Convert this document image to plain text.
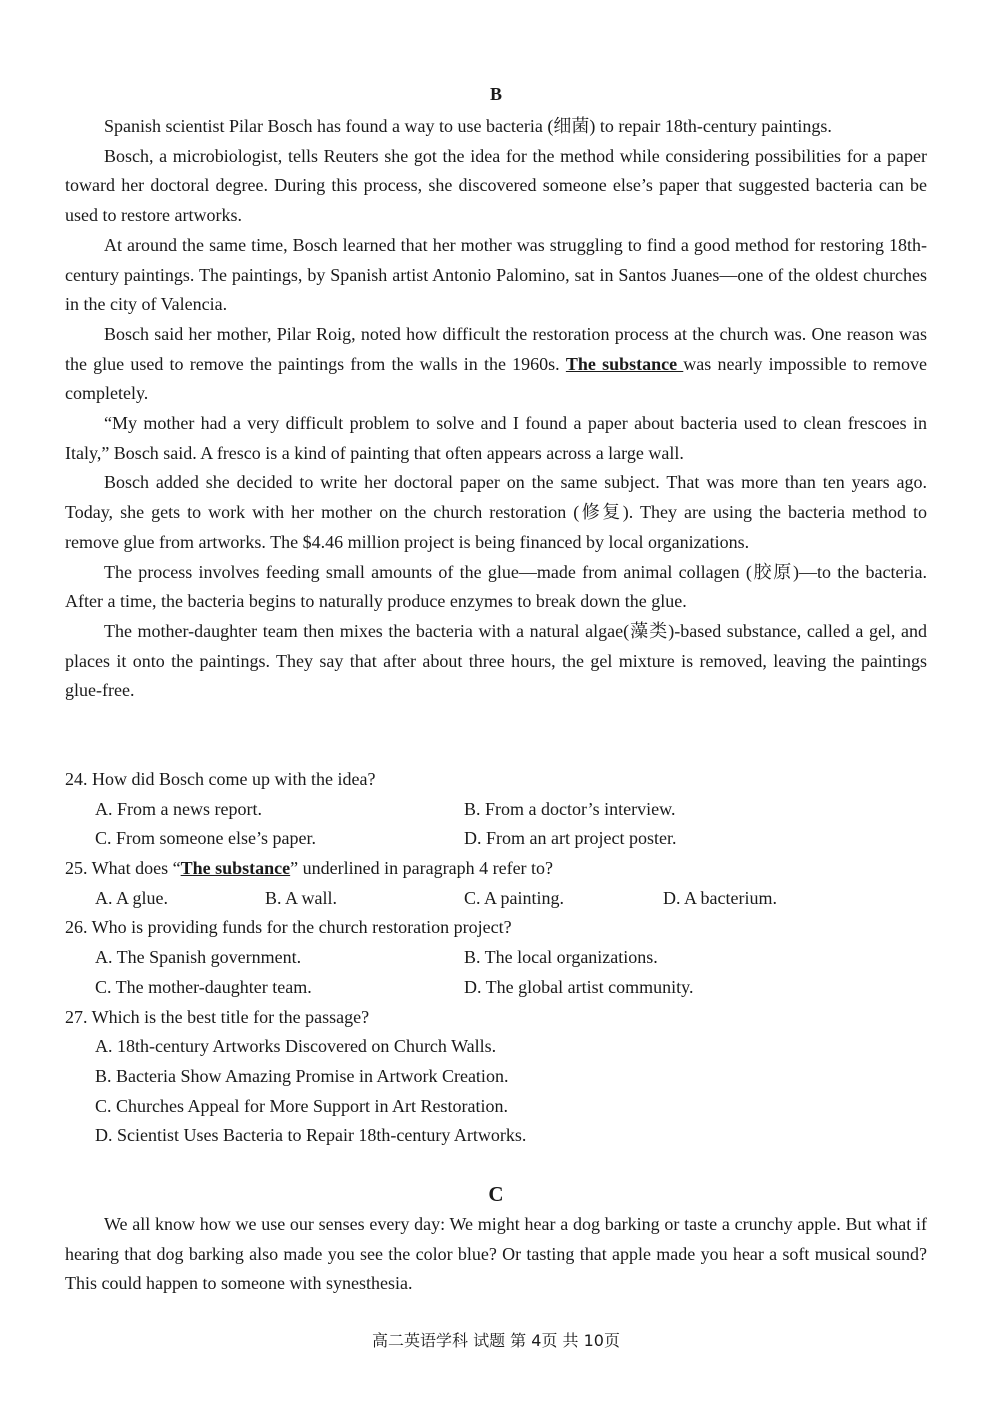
B

Spanish scientist Pilar Bosch has found a way to use bacteria (细菌) to repair 18th-century paintings.

Bosch, a microbiologist, tells Reuters she got the idea for the method while considering possibilities for a paper toward her doctoral degree. During this process, she discovered someone else’s paper that suggested bacteria can be used to restore artworks.

At around the same time, Bosch learned that her mother was struggling to find a good method for restoring 18th-century paintings. The paintings, by Spanish artist Antonio Palomino, sat in Santos Juanes—one of the oldest churches in the city of Valencia.

Bosch said her mother, Pilar Roig, noted how difficult the restoration process at the church was. One reason was the glue used to remove the paintings from the walls in the 1960s. The substance was nearly impossible to remove completely.

“My mother had a very difficult problem to solve and I found a paper about bacteria used to clean frescoes in Italy,” Bosch said. A fresco is a kind of painting that often appears across a large wall.

Bosch added she decided to write her doctoral paper on the same subject. That was more than ten years ago. Today, she gets to work with her mother on the church restoration (修复). They are using the bacteria method to remove glue from artworks. The $4.46 million project is being financed by local organizations.

The process involves feeding small amounts of the glue—made from animal collagen (胶原)—to the bacteria. After a time, the bacteria begins to naturally produce enzymes to break down the glue.

The mother-daughter team then mixes the bacteria with a natural algae(藻类)-based substance, called a gel, and places it onto the paintings. They say that after about three hours, the gel mixture is removed, leaving the paintings glue-free.

24. How did Bosch come up with the idea?
A. From a news report.	B. From a doctor’s interview.
C. From someone else’s paper.	D. From an art project poster.
25. What does “The substance” underlined in paragraph 4 refer to?
A. A glue.	B. A wall.	C. A painting.	D. A bacterium.
26. Who is providing funds for the church restoration project?
A. The Spanish government.	B. The local organizations.
C. The mother-daughter team.	D. The global artist community.
27. Which is the best title for the passage?
A. 18th-century Artworks Discovered on Church Walls.
B. Bacteria Show Amazing Promise in Artwork Creation.
C. Churches Appeal for More Support in Art Restoration.
D. Scientist Uses Bacteria to Repair 18th-century Artworks.
C

We all know how we use our senses every day: We might hear a dog barking or taste a crunchy apple. But what if hearing that dog barking also made you see the color blue? Or tasting that apple made you hear a soft musical sound? This could happen to someone with synesthesia.

高二英语学科 试题 第 4页 共 10页
